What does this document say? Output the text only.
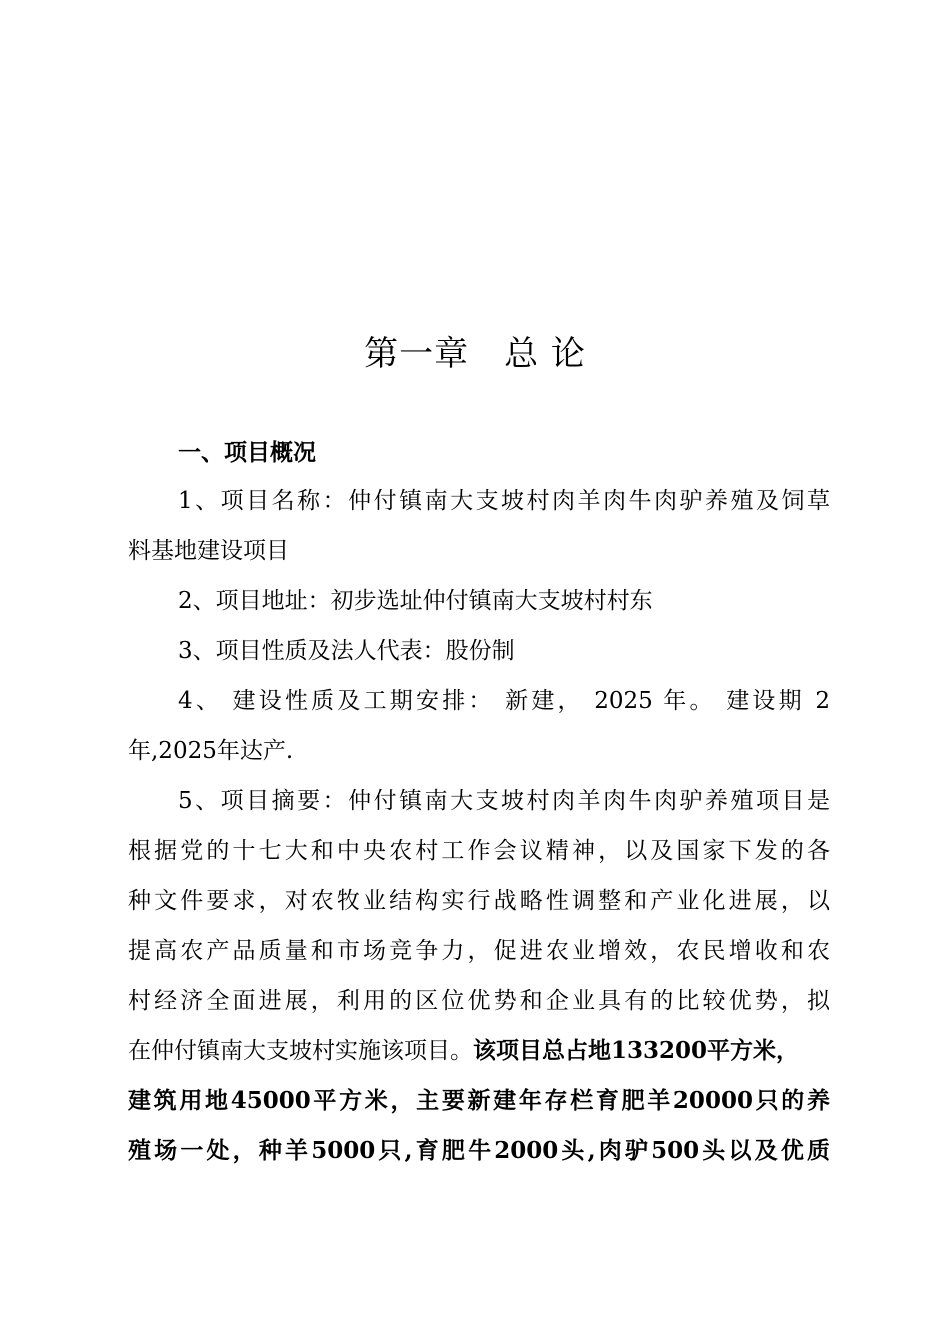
第一章　总 论
一、项目概况
1、项目名称：仲付镇南大支坡村肉羊肉牛肉驴养殖及饲草
料基地建设项目
2、项目地址：初步选址仲付镇南大支坡村村东
3、项目性质及法人代表：股份制
4、 建设性质及工期安排： 新建， 2025 年。 建设期 2
年,2025年达产.
5、项目摘要：仲付镇南大支坡村肉羊肉牛肉驴养殖项目是
根据党的十七大和中央农村工作会议精神，以及国家下发的各
种文件要求，对农牧业结构实行战略性调整和产业化进展，以
提高农产品质量和市场竞争力，促进农业增效，农民增收和农
村经济全面进展，利用的区位优势和企业具有的比较优势，拟
在仲付镇南大支坡村实施该项目。该项目总占地133200平方米，
建筑用地45000平方米，主要新建年存栏育肥羊20000只的养
殖场一处，种羊5000只,育肥牛2000头,肉驴500头以及优质
